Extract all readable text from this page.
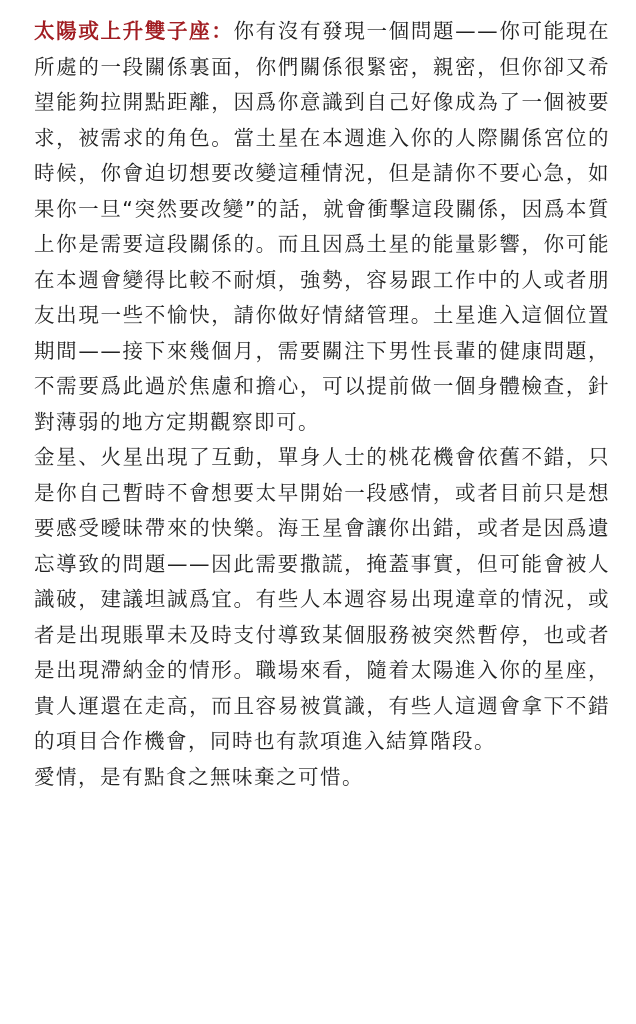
太陽或上升雙子座：你有沒有發現一個問題——你可能現在所處的一段關係裏面，你們關係很緊密，親密，但你卻又希望能夠拉開點距離，因爲你意識到自己好像成為了一個被要求，被需求的角色。當土星在本週進入你的人際關係宮位的時候，你會迫切想要改變這種情況，但是請你不要心急，如果你一旦“突然要改變”的話，就會衝擊這段關係，因爲本質上你是需要這段關係的。而且因爲土星的能量影響，你可能在本週會變得比較不耐煩，強勢，容易跟工作中的人或者朋友出現一些不愉快，請你做好情緒管理。土星進入這個位置期間——接下來幾個月，需要關注下男性長輩的健康問題，不需要爲此過於焦慮和擔心，可以提前做一個身體檢查，針對薄弱的地方定期觀察即可。

金星、火星出現了互動，單身人士的桃花機會依舊不錯，只是你自己暫時不會想要太早開始一段感情，或者目前只是想要感受曖昧帶來的快樂。海王星會讓你出錯，或者是因爲遺忘導致的問題——因此需要撒謊，掩蓋事實，但可能會被人識破，建議坦誠爲宜。有些人本週容易出現違章的情況，或者是出現賬單未及時支付導致某個服務被突然暫停，也或者是出現滯納金的情形。職場來看，隨着太陽進入你的星座，貴人運還在走高，而且容易被賞識，有些人這週會拿下不錯的項目合作機會，同時也有款項進入結算階段。

愛情，是有點食之無味棄之可惜。
